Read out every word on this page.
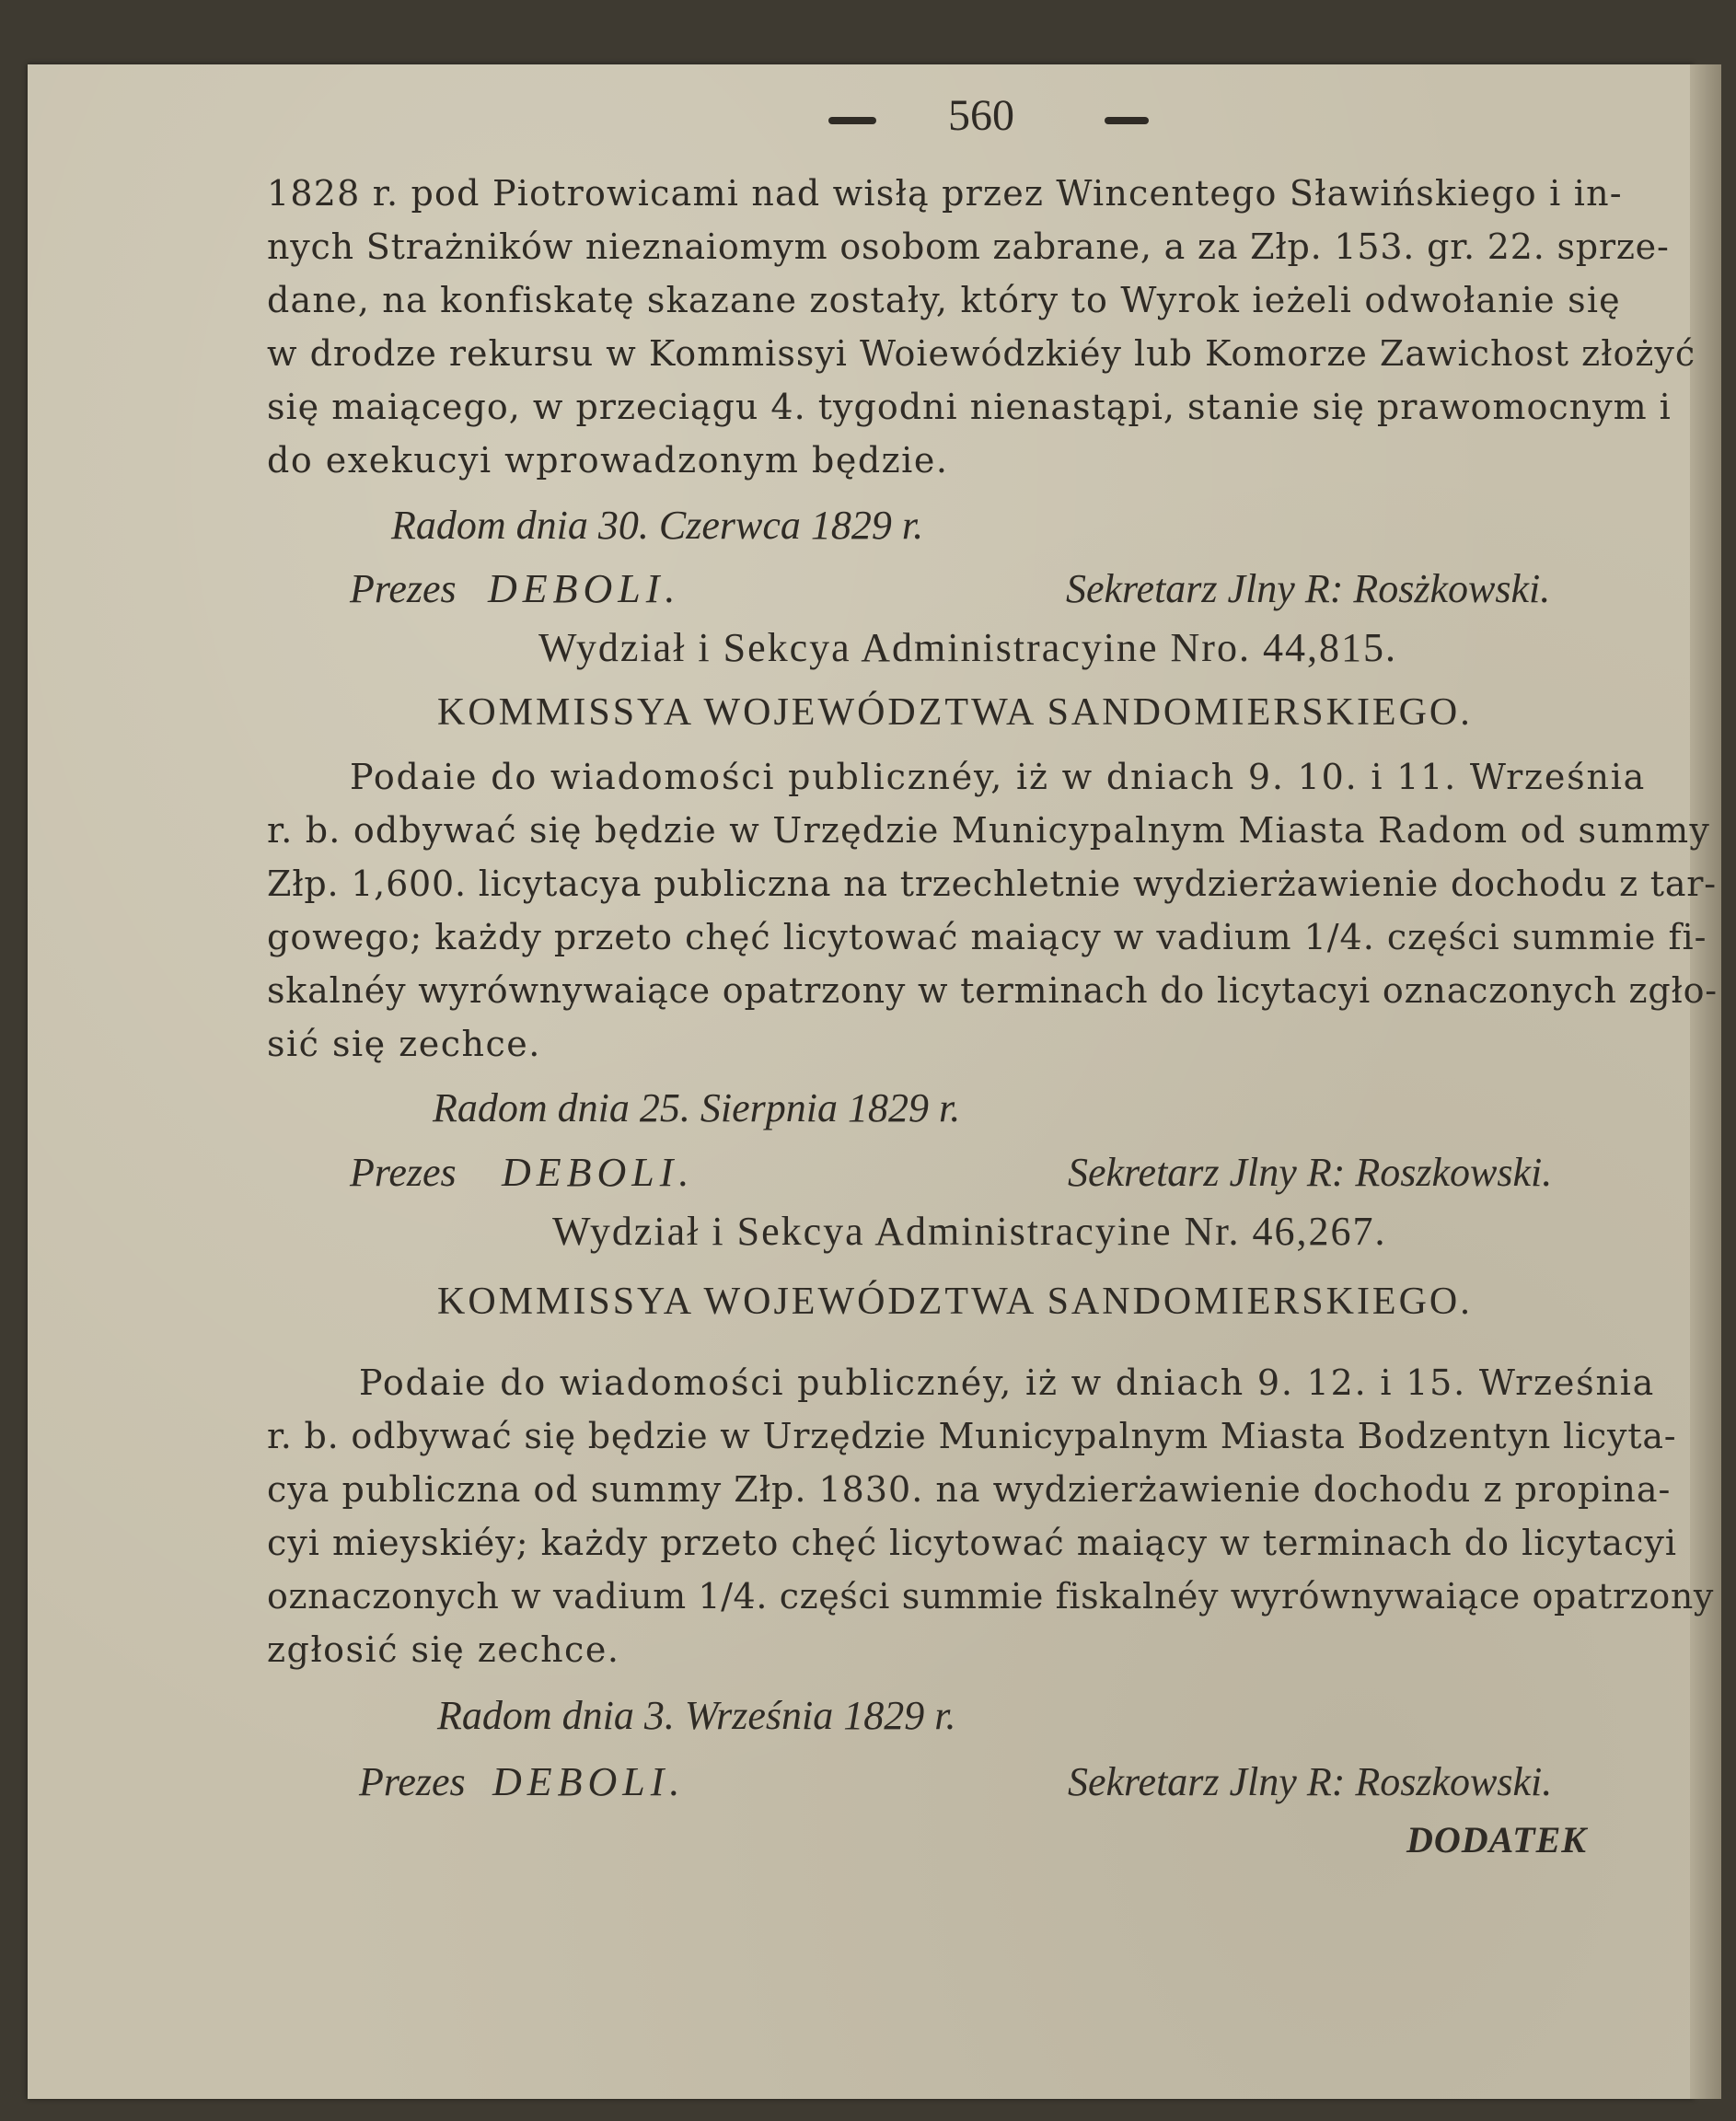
560
1828 r. pod Piotrowicami nad wisłą przez Wincentego Sławińskiego i in-
nych Strażników nieznaiomym osobom zabrane, a za Złp. 153. gr. 22. sprze-
dane, na konfiskatę skazane zostały, który to Wyrok ieżeli odwołanie się
w drodze rekursu w Kommissyi Woiewódzkiéy lub Komorze Zawichost złożyć
się maiącego, w przeciągu 4. tygodni nienastąpi, stanie się prawomocnym i
do exekucyi wprowadzonym będzie.
Radom dnia 30. Czerwca 1829 r.
Prezes DEBOLI.	Sekretarz Jlny R: Rosżkowski.
Wydział i Sekcya Administracyine Nro. 44,815.
KOMMISSYA WOJEWÓDZTWA SANDOMIERSKIEGO.
Podaie do wiadomości publicznéy, iż w dniach 9. 10. i 11. Września
r. b. odbywać się będzie w Urzędzie Municypalnym Miasta Radom od summy
Złp. 1,600. licytacya publiczna na trzechletnie wydzierżawienie dochodu z tar-
gowego; każdy przeto chęć licytować maiący w vadium 1/4. części summie fi-
skalnéy wyrównywaiące opatrzony w terminach do licytacyi oznaczonych zgło-
sić się zechce.
Radom dnia 25. Sierpnia 1829 r.
Prezes DEBOLI.	Sekretarz Jlny R: Roszkowski.
Wydział i Sekcya Administracyine Nr. 46,267.
KOMMISSYA WOJEWÓDZTWA SANDOMIERSKIEGO.
Podaie do wiadomości publicznéy, iż w dniach 9. 12. i 15. Września
r. b. odbywać się będzie w Urzędzie Municypalnym Miasta Bodzentyn licyta-
cya publiczna od summy Złp. 1830. na wydzierżawienie dochodu z propina-
cyi mieyskiéy; każdy przeto chęć licytować maiący w terminach do licytacyi
oznaczonych w vadium 1/4. części summie fiskalnéy wyrównywaiące opatrzony
zgłosić się zechce.
Radom dnia 3. Września 1829 r.
Prezes DEBOLI.	Sekretarz Jlny R: Roszkowski.
DODATEK
